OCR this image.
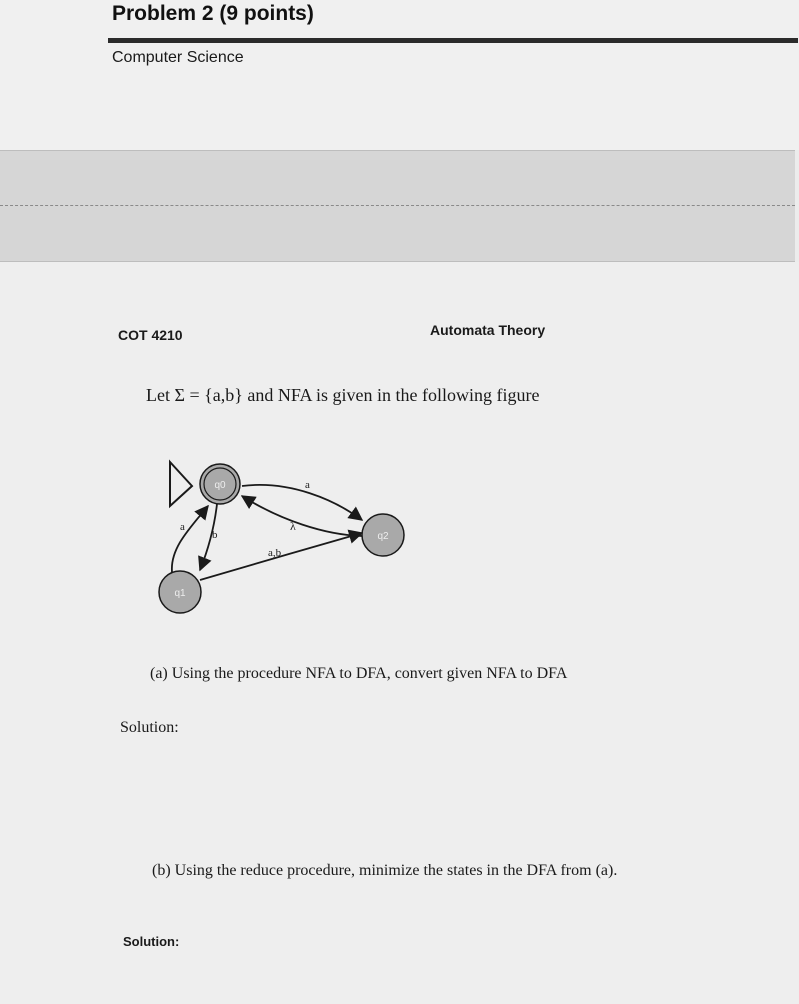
Problem 2 (9 points)
Computer Science
COT 4210	Automata Theory
Let Σ = {a,b} and NFA is given in the following figure
a
λ
a
b
a,b
q0
q2
q1
(a) Using the procedure NFA to DFA, convert given NFA to DFA
Solution:
(b) Using the reduce procedure, minimize the states in the DFA from (a).
Solution:
